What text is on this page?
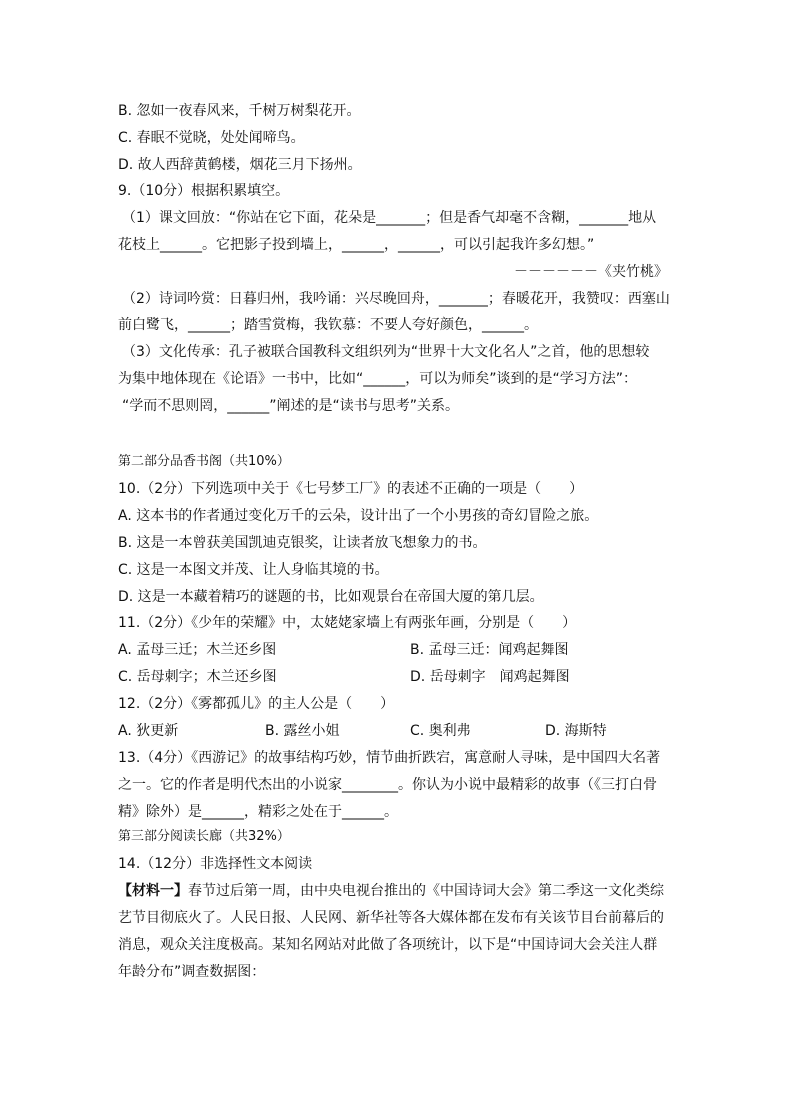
B. 忽如一夜春风来，千树万树梨花开。
C. 春眠不觉晓，处处闻啼鸟。
D. 故人西辞黄鹤楼，烟花三月下扬州。
9.（10分）根据积累填空。
（1）课文回放：“你站在它下面，花朵是_______；但是香气却毫不含糊，_______地从
花枝上______。它把影子投到墙上，______，______，可以引起我许多幻想。”
－－－－－－《夹竹桃》
（2）诗词吟赏：日暮归州，我吟诵：兴尽晚回舟，_______；春暖花开，我赞叹：西塞山
前白鹭飞，______；踏雪赏梅，我钦慕：不要人夸好颜色，______。
（3）文化传承：孔子被联合国教科文组织列为“世界十大文化名人”之首，他的思想较
为集中地体现在《论语》一书中，比如“______，可以为师矣”谈到的是“学习方法”：
“学而不思则罔，______”阐述的是“读书与思考”关系。
第二部分品香书阁（共10%）
10.（2分）下列选项中关于《七号梦工厂》的表述不正确的一项是（　　）
A. 这本书的作者通过变化万千的云朵，设计出了一个小男孩的奇幻冒险之旅。
B. 这是一本曾获美国凯迪克银奖，让读者放飞想象力的书。
C. 这是一本图文并茂、让人身临其境的书。
D. 这是一本藏着精巧的谜题的书，比如观景台在帝国大厦的第几层。
11.（2分）《少年的荣耀》中，太姥姥家墙上有两张年画，分别是（　　）
A. 孟母三迁；木兰还乡图	B. 孟母三迁：闻鸡起舞图
C. 岳母刺字；木兰还乡图	D. 岳母刺字　闻鸡起舞图
12.（2分）《雾都孤儿》的主人公是（　　）
A. 狄更新	B. 露丝小姐	C. 奥利弗	D. 海斯特
13.（4分）《西游记》的故事结构巧妙，情节曲折跌宕，寓意耐人寻味，是中国四大名著
之一。它的作者是明代杰出的小说家________。你认为小说中最精彩的故事（《三打白骨
精》除外）是______，精彩之处在于______。
第三部分阅读长廊（共32%）
14.（12分）非选择性文本阅读
【材料一】春节过后第一周，由中央电视台推出的《中国诗词大会》第二季这一文化类综
艺节目彻底火了。人民日报、人民网、新华社等各大媒体都在发布有关该节目台前幕后的
消息，观众关注度极高。某知名网站对此做了各项统计，以下是“中国诗词大会关注人群
年龄分布”调查数据图：
